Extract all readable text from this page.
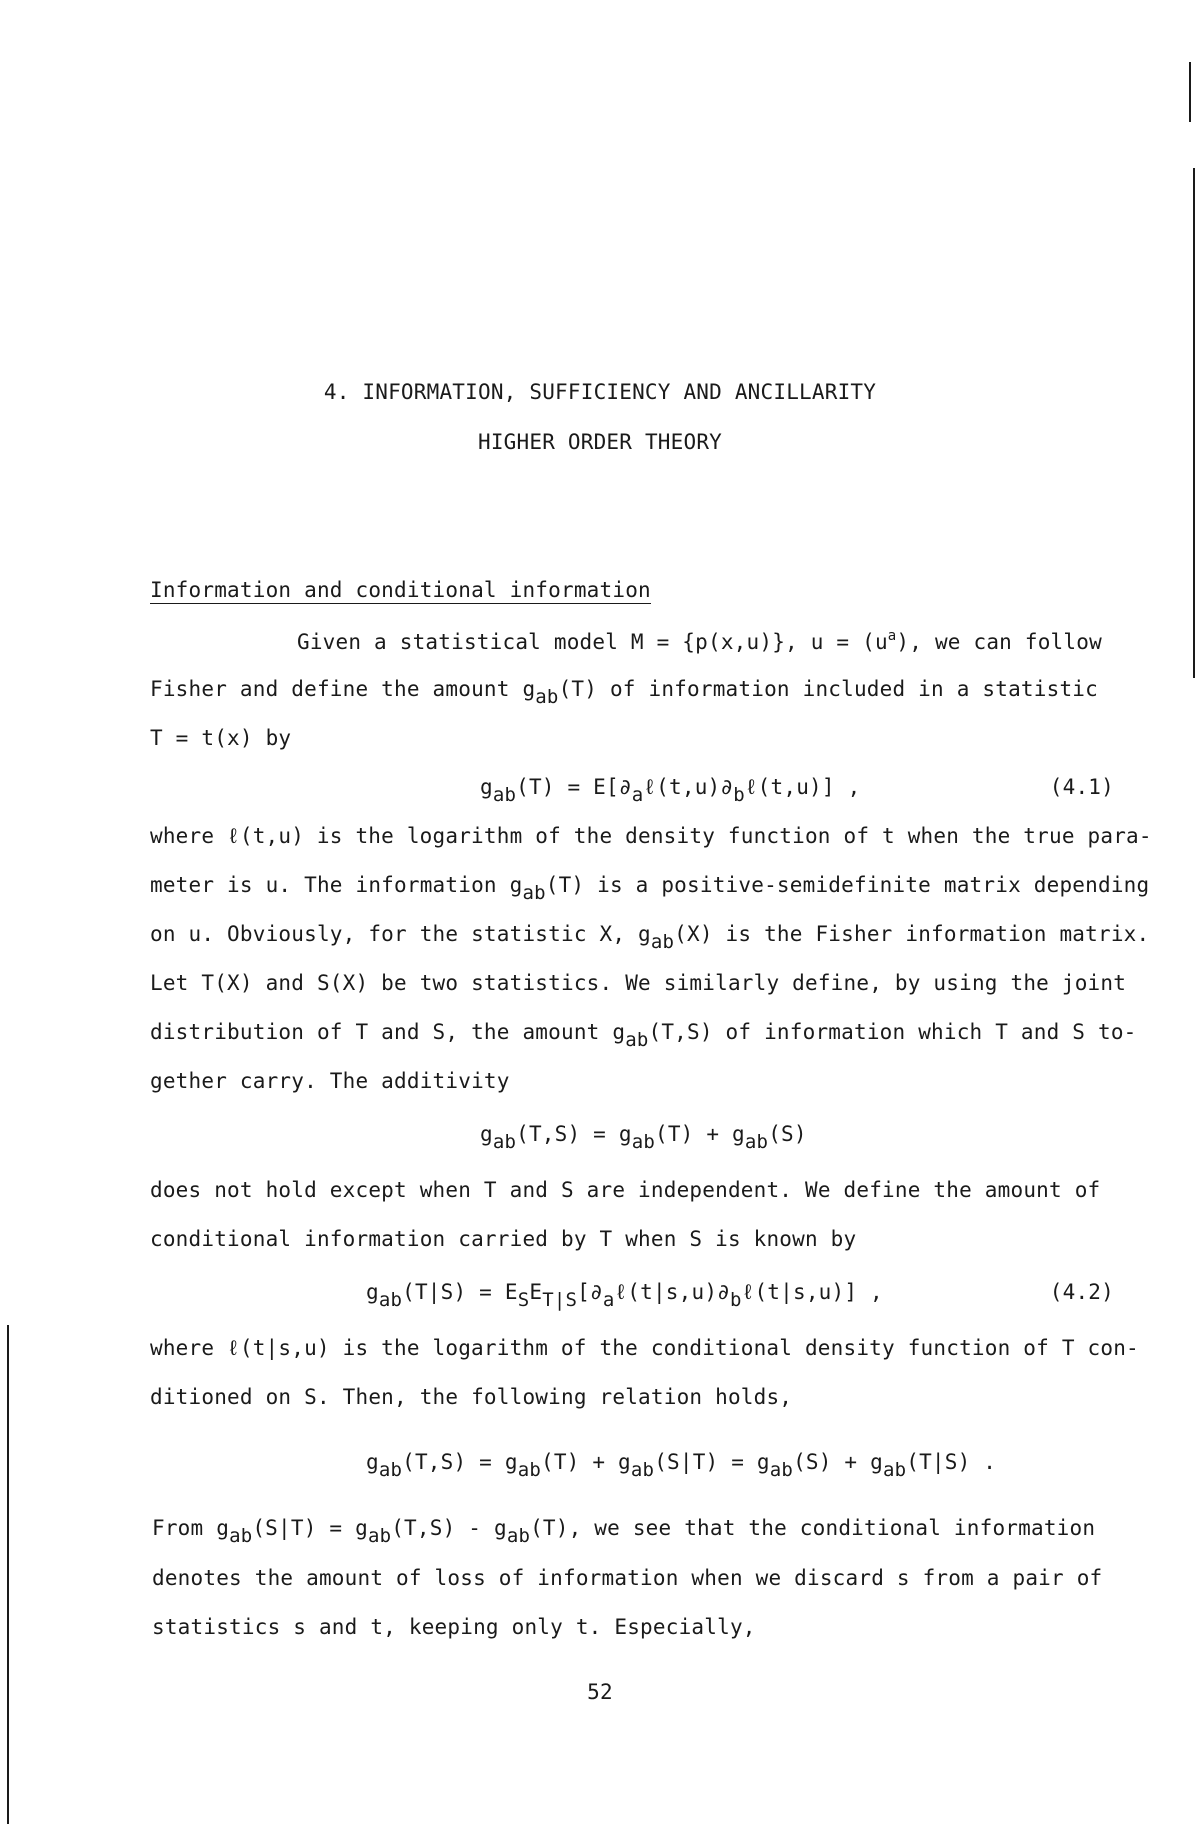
4. INFORMATION, SUFFICIENCY AND ANCILLARITY
HIGHER ORDER THEORY
Information and conditional information
Given a statistical model M = {p(x,u)}, $u = (u^a)$, we can follow
Fisher and define the amount gab(T) of information included in a statistic
T = t(x) by
gab(T) = E[∂aℓ(t,u)∂bℓ(t,u)] ,	(4.1)
where ℓ(t,u) is the logarithm of the density function of t when the true para-
meter is u. The information gab(T) is a positive-semidefinite matrix depending
on u. Obviously, for the statistic X, gab(X) is the Fisher information matrix.
Let T(X) and S(X) be two statistics. We similarly define, by using the joint
distribution of T and S, the amount gab(T,S) of information which T and S to-
gether carry. The additivity
gab(T,S) = gab(T) + gab(S)
does not hold except when T and S are independent. We define the amount of
conditional information carried by T when S is known by
gab(T|S) = ESET|S[∂aℓ(t|s,u)∂bℓ(t|s,u)] ,	(4.2)
where ℓ(t|s,u) is the logarithm of the conditional density function of T con-
ditioned on S. Then, the following relation holds,
gab(T,S) = gab(T) + gab(S|T) = gab(S) + gab(T|S) .
From gab(S|T) = gab(T,S) - gab(T), we see that the conditional information
denotes the amount of loss of information when we discard s from a pair of
statistics s and t, keeping only t. Especially,
52
